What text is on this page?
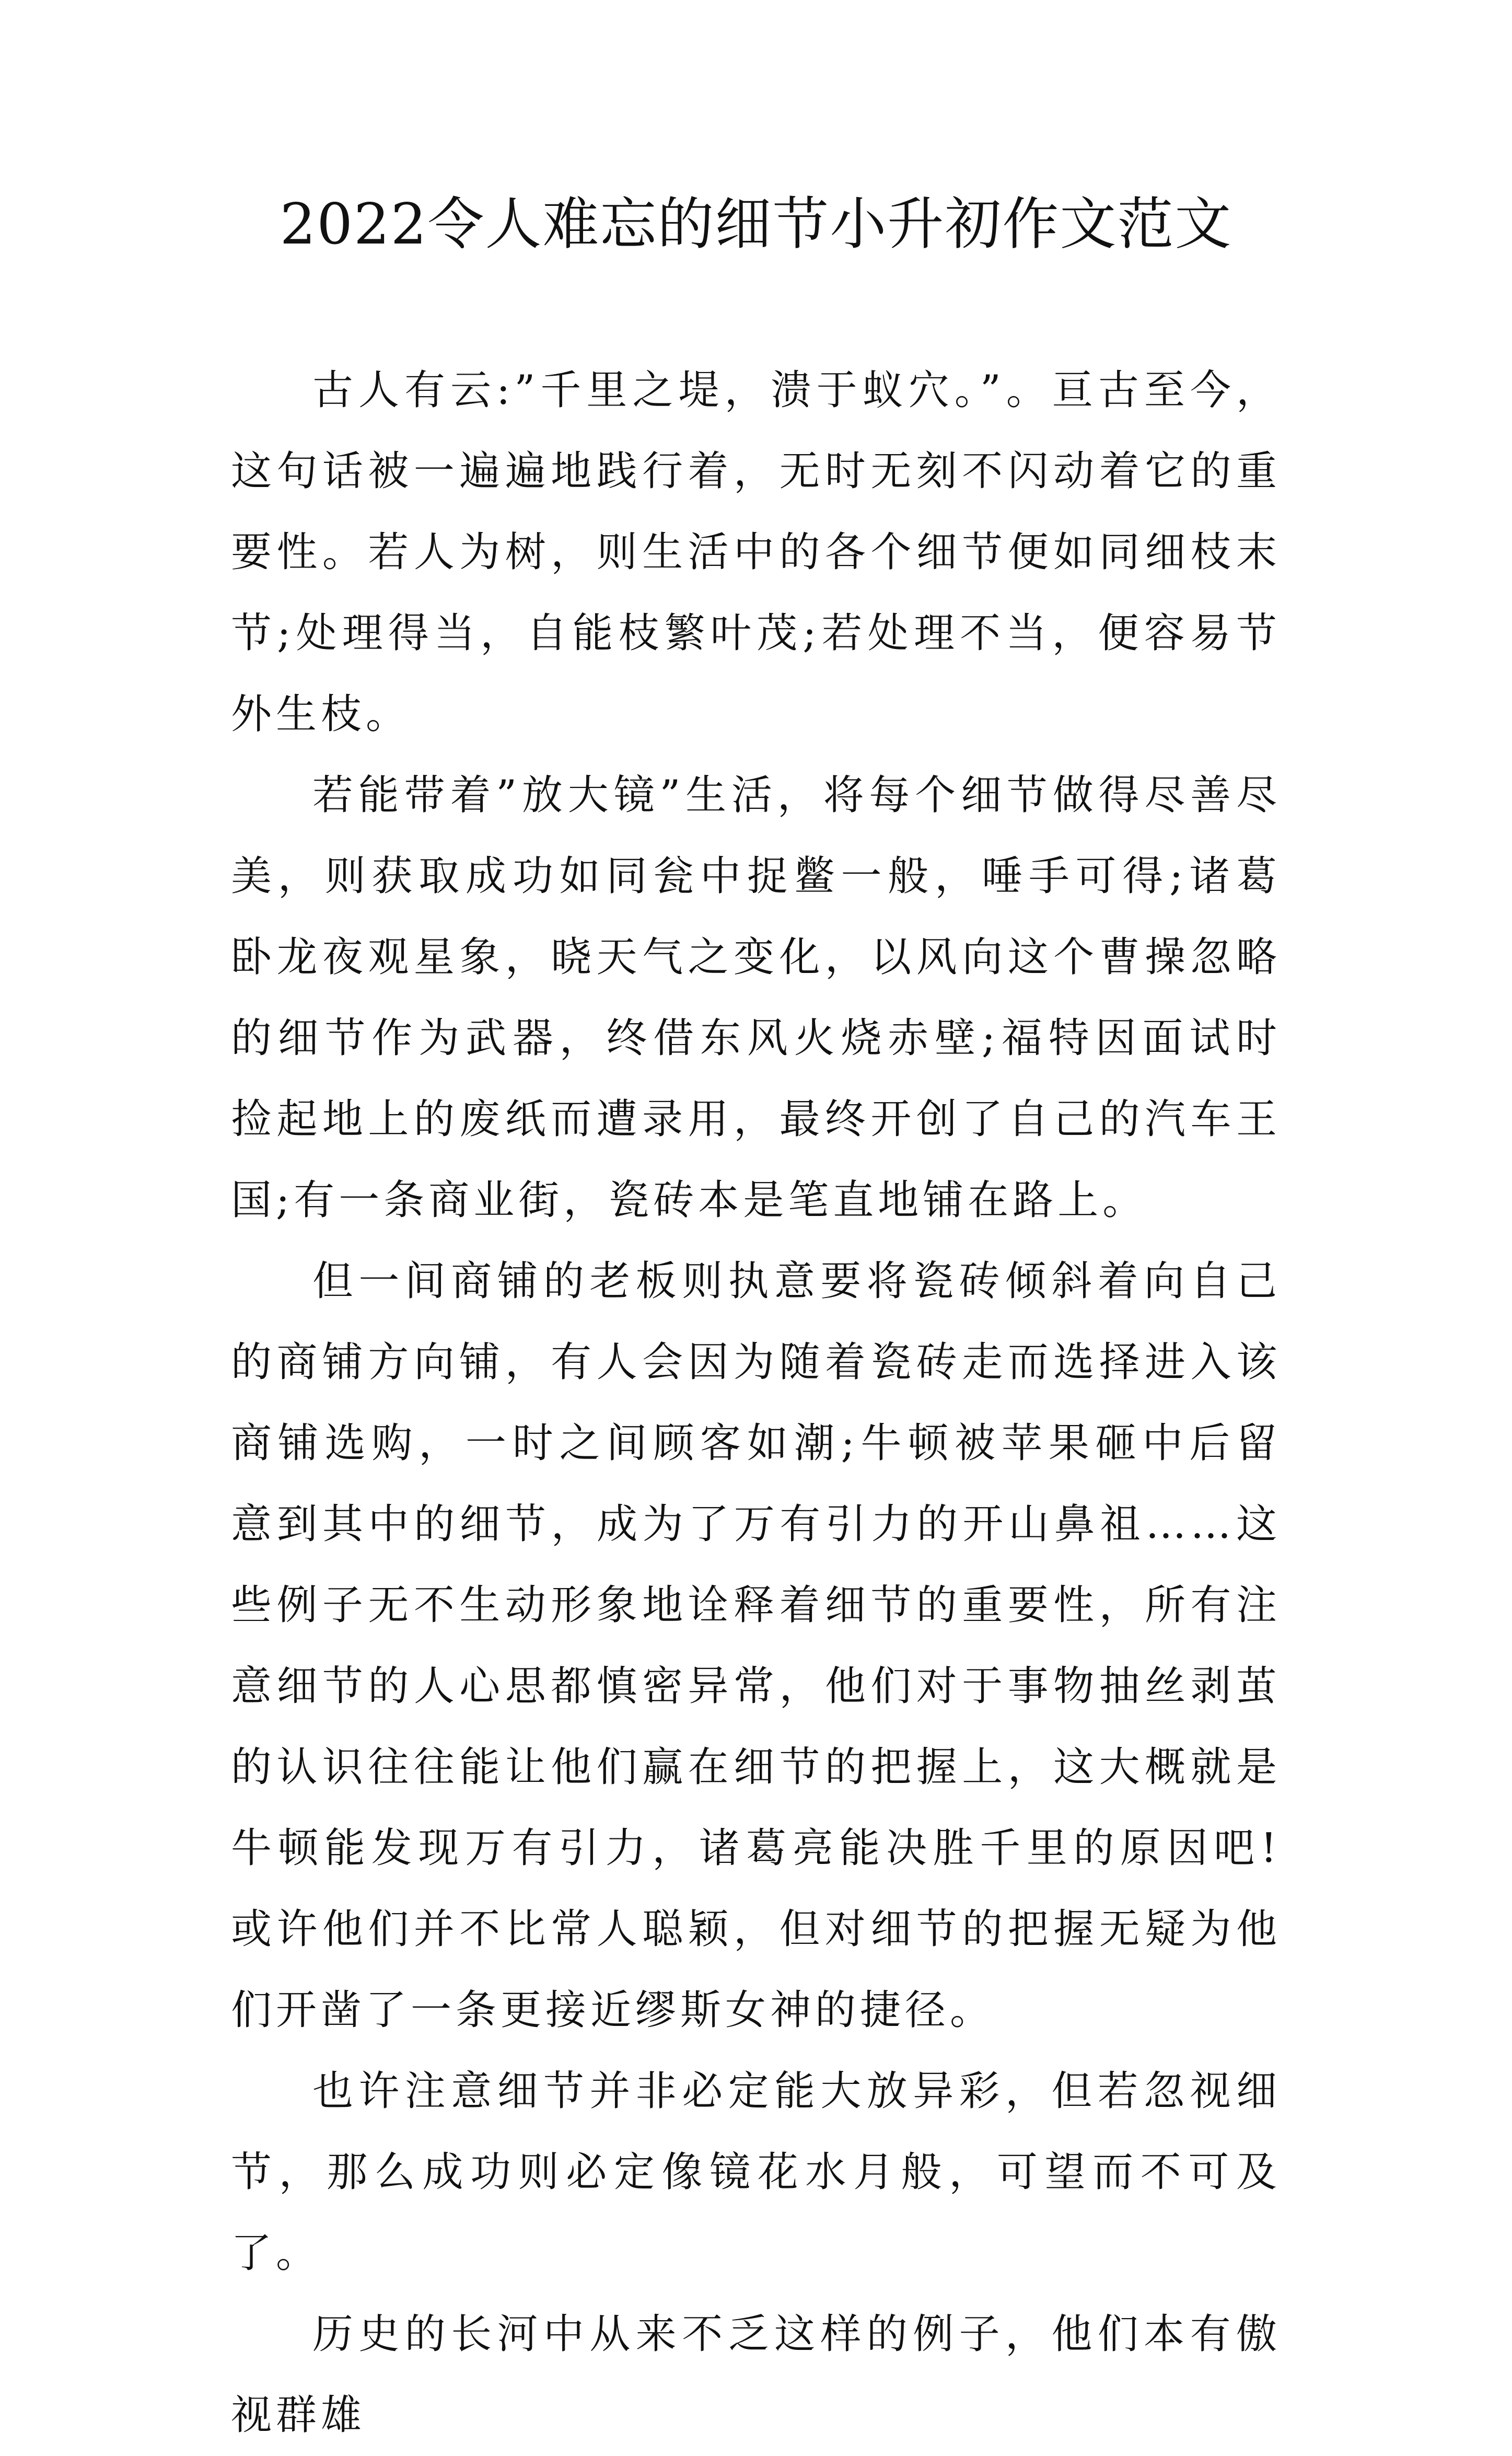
2022令人难忘的细节小升初作文范文

古人有云:”千里之堤，溃于蚁穴。”。亘古至今，这句话被一遍遍地践行着，无时无刻不闪动着它的重要性。若人为树，则生活中的各个细节便如同细枝末节;处理得当，自能枝繁叶茂;若处理不当，便容易节外生枝。

若能带着”放大镜”生活，将每个细节做得尽善尽美，则获取成功如同瓮中捉鳖一般，唾手可得;诸葛卧龙夜观星象，晓天气之变化，以风向这个曹操忽略的细节作为武器，终借东风火烧赤壁;福特因面试时捡起地上的废纸而遭录用，最终开创了自己的汽车王国;有一条商业街，瓷砖本是笔直地铺在路上。

但一间商铺的老板则执意要将瓷砖倾斜着向自己的商铺方向铺，有人会因为随着瓷砖走而选择进入该商铺选购，一时之间顾客如潮;牛顿被苹果砸中后留意到其中的细节，成为了万有引力的开山鼻祖……这些例子无不生动形象地诠释着细节的重要性，所有注意细节的人心思都慎密异常，他们对于事物抽丝剥茧的认识往往能让他们赢在细节的把握上，这大概就是牛顿能发现万有引力，诸葛亮能决胜千里的原因吧!或许他们并不比常人聪颖，但对细节的把握无疑为他们开凿了一条更接近缪斯女神的捷径。

也许注意细节并非必定能大放异彩，但若忽视细节，那么成功则必定像镜花水月般，可望而不可及了。

历史的长河中从来不乏这样的例子，他们本有傲视群雄
